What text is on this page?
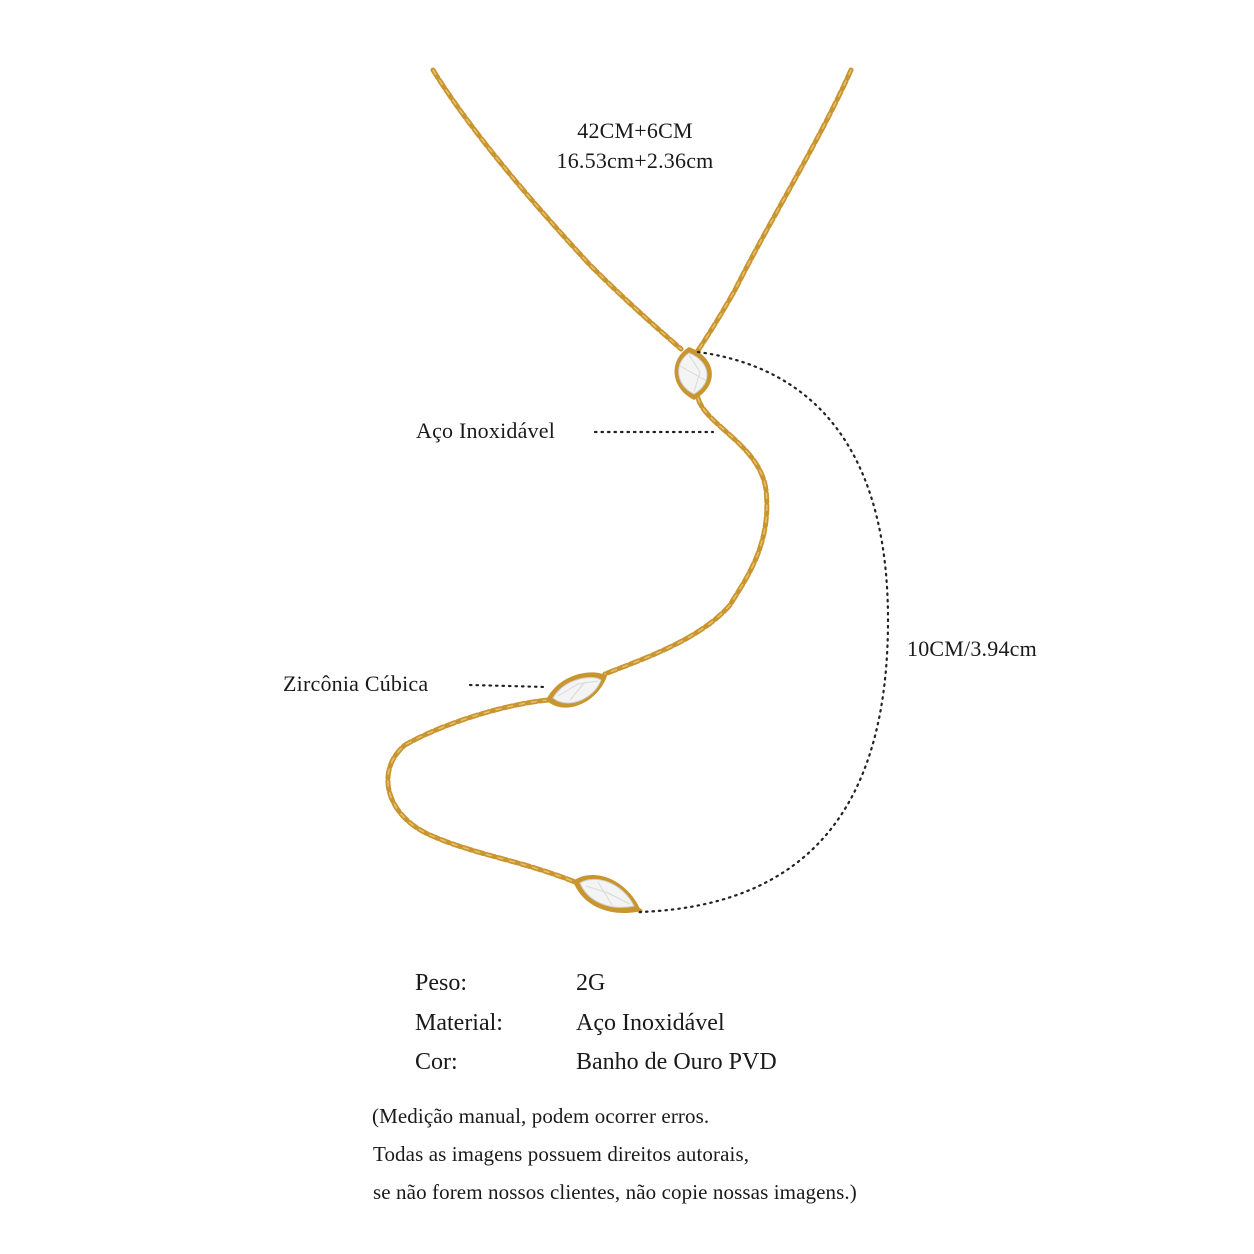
42CM+6CM
16.53cm+2.36cm
Aço Inoxidável
Zircônia Cúbica
10CM/3.94cm
Peso:	2G
Material:	Aço Inoxidável
Cor:	Banho de Ouro PVD
(Medição manual, podem ocorrer erros.
Todas as imagens possuem direitos autorais,
se não forem nossos clientes, não copie nossas imagens.)
